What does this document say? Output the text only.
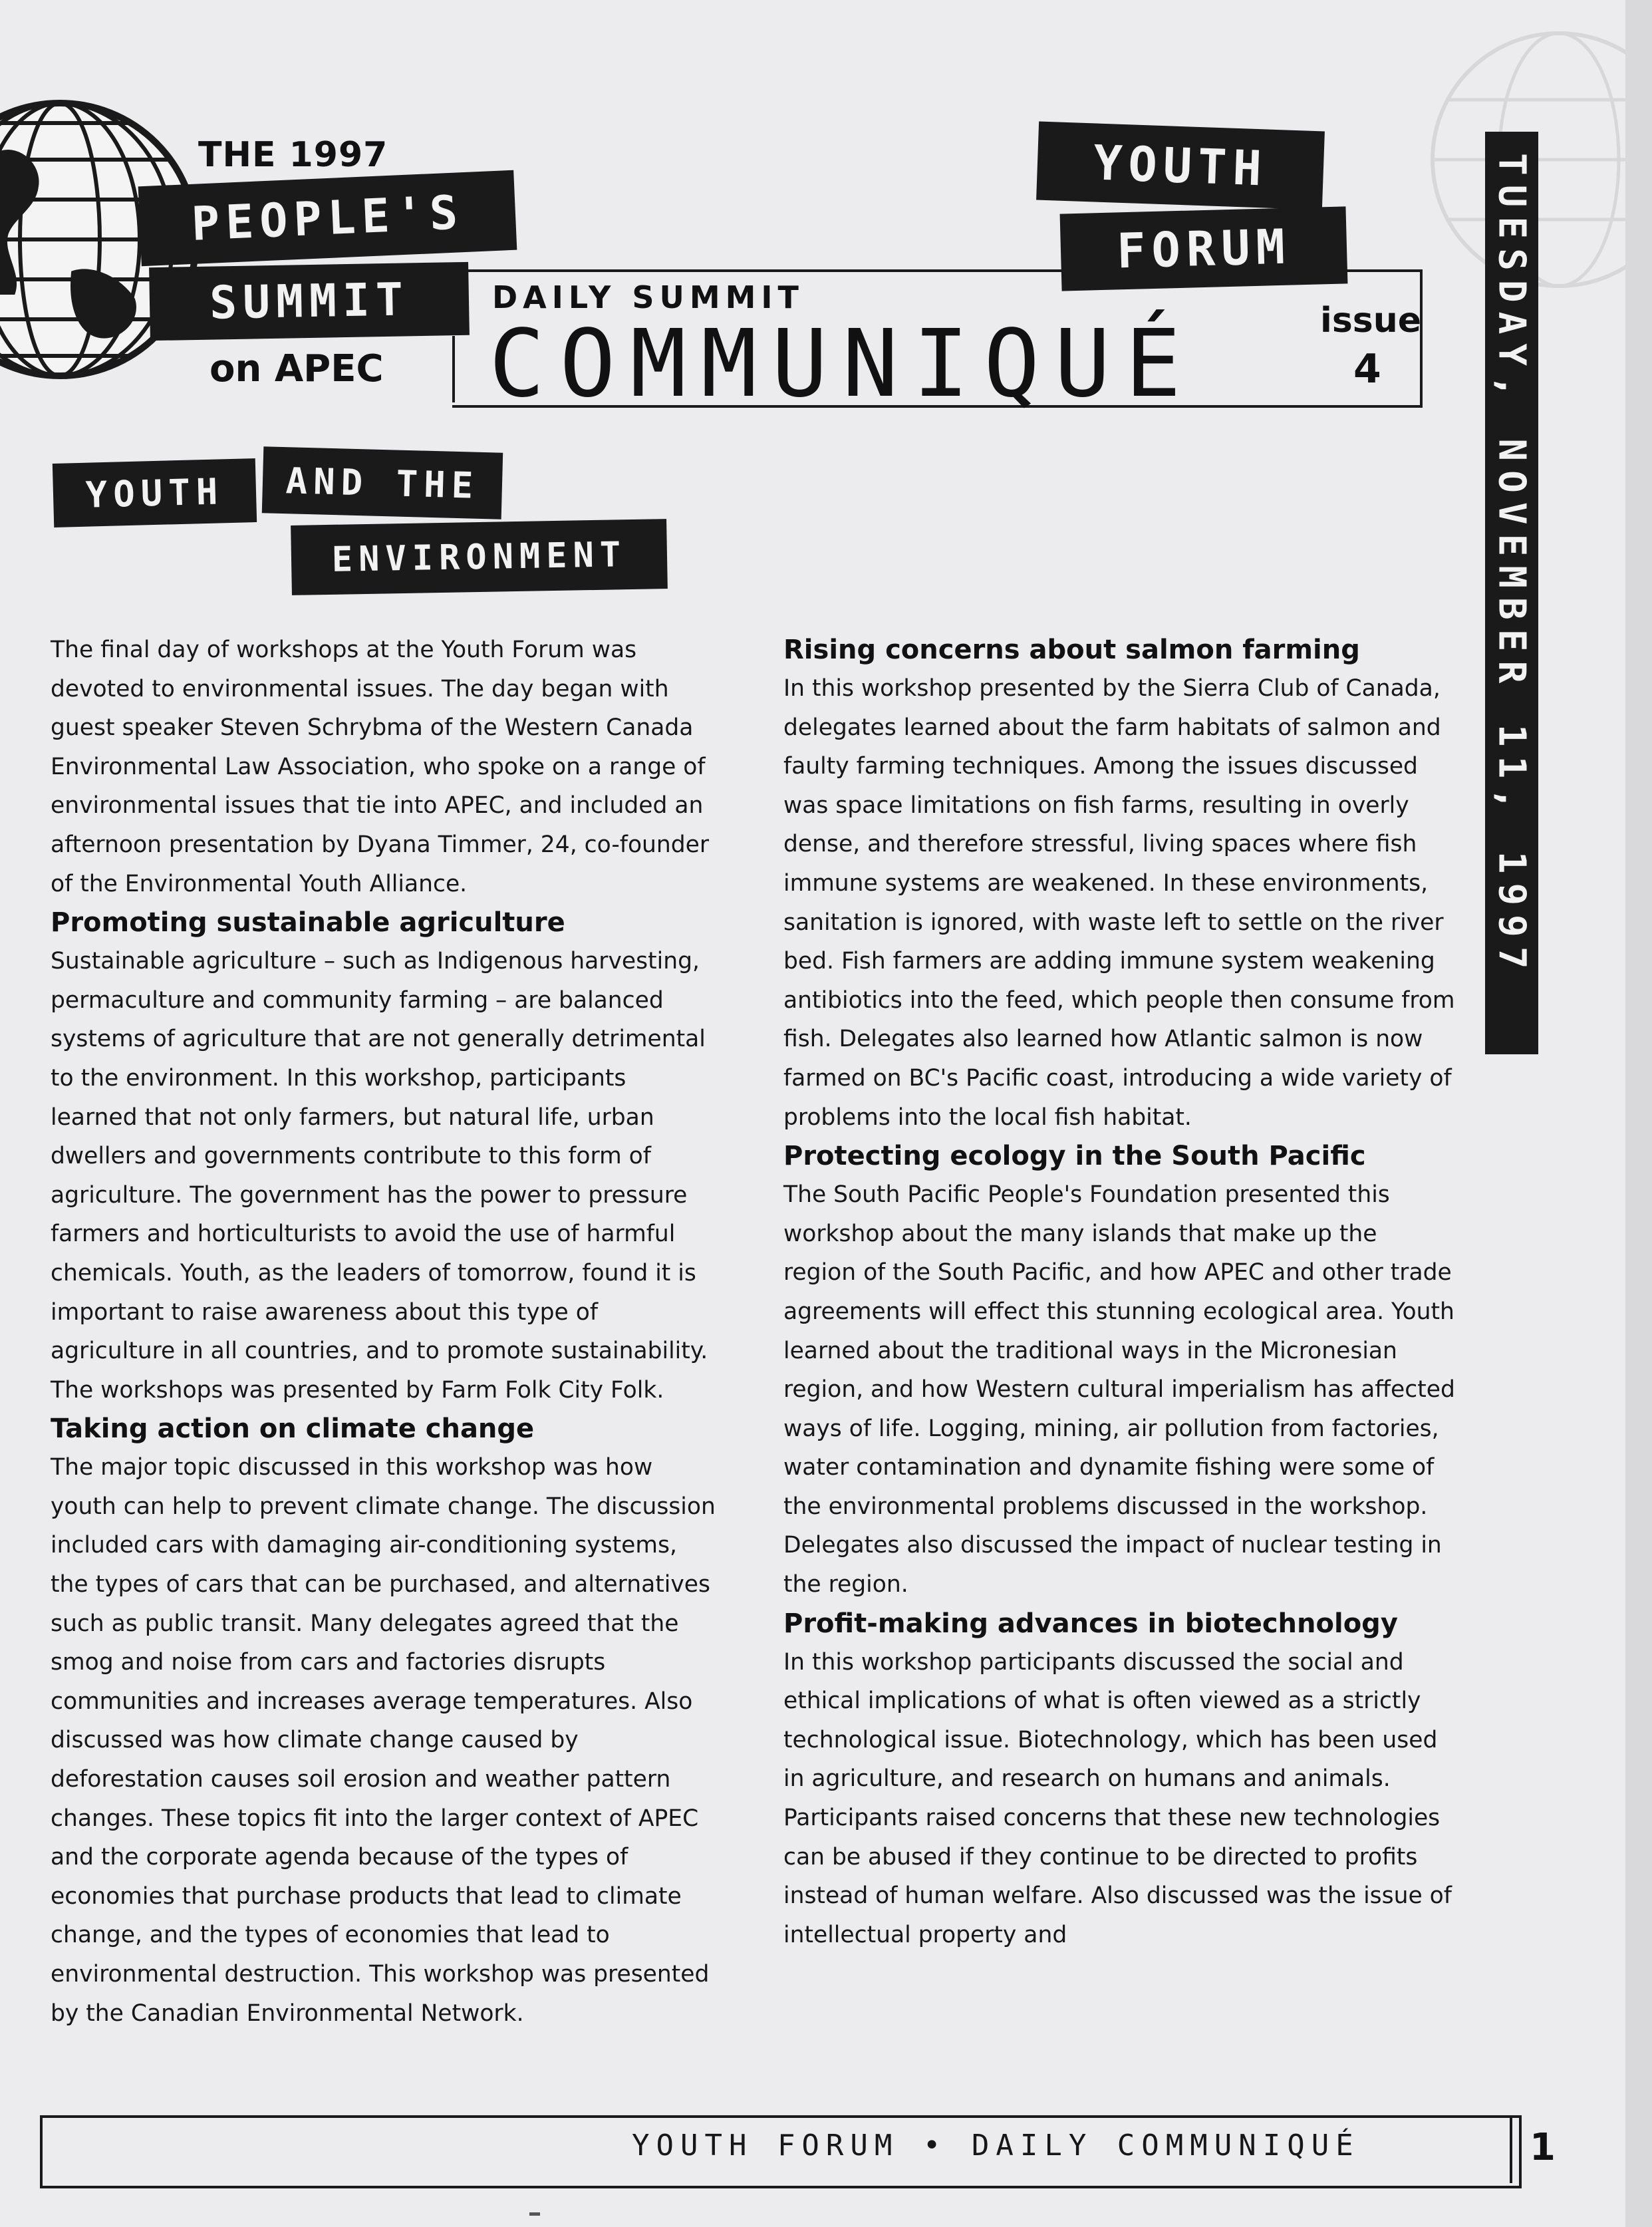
THE 1997
PEOPLE'S
SUMMIT
on APEC
DAILY SUMMIT
COMMUNIQUÉ	issue
4
YOUTH
FORUM	TUESDAY, NOVEMBER 11, 1997
YOUTH	AND THE
ENVIRONMENT

The final day of workshops at the Youth Forum was devoted to environmental issues. The day began with guest speaker Steven Schrybma of the Western Canada Environmental Law Association, who spoke on a range of environmental issues that tie into APEC, and included an afternoon presentation by Dyana Timmer, 24, co-founder of the Environmental Youth Alliance.

Promoting sustainable agriculture

Sustainable agriculture – such as Indigenous harvesting, permaculture and community farming – are balanced systems of agriculture that are not generally detrimental to the environment. In this workshop, participants learned that not only farmers, but natural life, urban dwellers and governments contribute to this form of agriculture. The government has the power to pressure farmers and horticulturists to avoid the use of harmful chemicals. Youth, as the leaders of tomorrow, found it is important to raise awareness about this type of agriculture in all countries, and to promote sustainability. The workshops was presented by Farm Folk City Folk.

Taking action on climate change

The major topic discussed in this workshop was how youth can help to prevent climate change. The discussion included cars with damaging air-conditioning systems, the types of cars that can be purchased, and alternatives such as public transit. Many delegates agreed that the smog and noise from cars and factories disrupts communities and increases average temperatures. Also discussed was how climate change caused by deforestation causes soil erosion and weather pattern changes. These topics fit into the larger context of APEC and the corporate agenda because of the types of economies that purchase products that lead to climate change, and the types of economies that lead to environmental destruction. This workshop was presented by the Canadian Environmental Network.

Rising concerns about salmon farming

In this workshop presented by the Sierra Club of Canada, delegates learned about the farm habitats of salmon and faulty farming techniques. Among the issues discussed was space limitations on fish farms, resulting in overly dense, and therefore stressful, living spaces where fish immune systems are weakened. In these environments, sanitation is ignored, with waste left to settle on the river bed. Fish farmers are adding immune system weakening antibiotics into the feed, which people then consume from fish. Delegates also learned how Atlantic salmon is now farmed on BC's Pacific coast, introducing a wide variety of problems into the local fish habitat.

Protecting ecology in the South Pacific

The South Pacific People's Foundation presented this workshop about the many islands that make up the region of the South Pacific, and how APEC and other trade agreements will effect this stunning ecological area. Youth learned about the traditional ways in the Micronesian region, and how Western cultural imperialism has affected ways of life. Logging, mining, air pollution from factories, water contamination and dynamite fishing were some of the environmental problems discussed in the workshop. Delegates also discussed the impact of nuclear testing in the region.

Profit-making advances in biotechnology

In this workshop participants discussed the social and ethical implications of what is often viewed as a strictly technological issue. Biotechnology, which has been used in agriculture, and research on humans and animals. Participants raised concerns that these new technologies can be abused if they continue to be directed to profits instead of human welfare. Also discussed was the issue of intellectual property and

YOUTH FORUM • DAILY COMMUNIQUÉ	1
